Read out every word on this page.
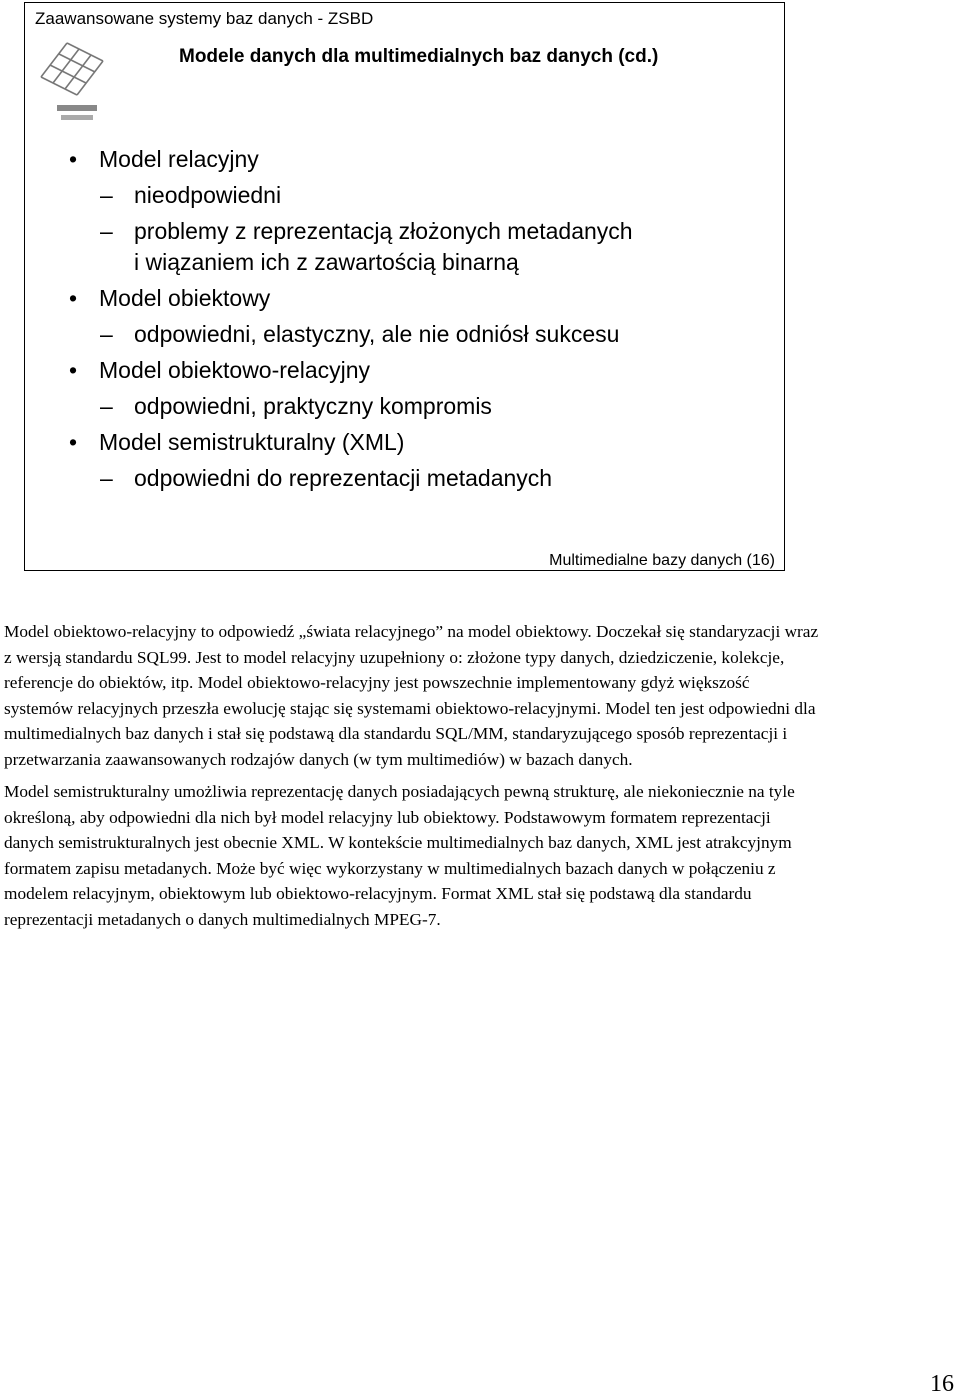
Zaawansowane systemy baz danych - ZSBD
Modele danych dla multimedialnych baz danych (cd.)
• Model relacyjny
– nieodpowiedni
– problemy z reprezentacją złożonych metadanych
i wiązaniem ich z zawartością binarną
• Model obiektowy
– odpowiedni, elastyczny, ale nie odniósł sukcesu
• Model obiektowo-relacyjny
– odpowiedni, praktyczny kompromis
• Model semistrukturalny (XML)
– odpowiedni do reprezentacji metadanych
Multimedialne bazy danych (16)

Model obiektowo-relacyjny to odpowiedź „świata relacyjnego” na model obiektowy. Doczekał się standaryzacji wraz z wersją standardu SQL99. Jest to model relacyjny uzupełniony o: złożone typy danych, dziedziczenie, kolekcje, referencje do obiektów, itp. Model obiektowo-relacyjny jest powszechnie implementowany gdyż większość systemów relacyjnych przeszła ewolucję stając się systemami obiektowo-relacyjnymi. Model ten jest odpowiedni dla multimedialnych baz danych i stał się podstawą dla standardu SQL/MM, standaryzującego sposób reprezentacji i przetwarzania zaawansowanych rodzajów danych (w tym multimediów) w bazach danych.

Model semistrukturalny umożliwia reprezentację danych posiadających pewną strukturę, ale niekoniecznie na tyle określoną, aby odpowiedni dla nich był model relacyjny lub obiektowy. Podstawowym formatem reprezentacji danych semistrukturalnych jest obecnie XML. W kontekście multimedialnych baz danych, XML jest atrakcyjnym formatem zapisu metadanych. Może być więc wykorzystany w multimedialnych bazach danych w połączeniu z modelem relacyjnym, obiektowym lub obiektowo-relacyjnym. Format XML stał się podstawą dla standardu reprezentacji metadanych o danych multimedialnych MPEG-7.

16
